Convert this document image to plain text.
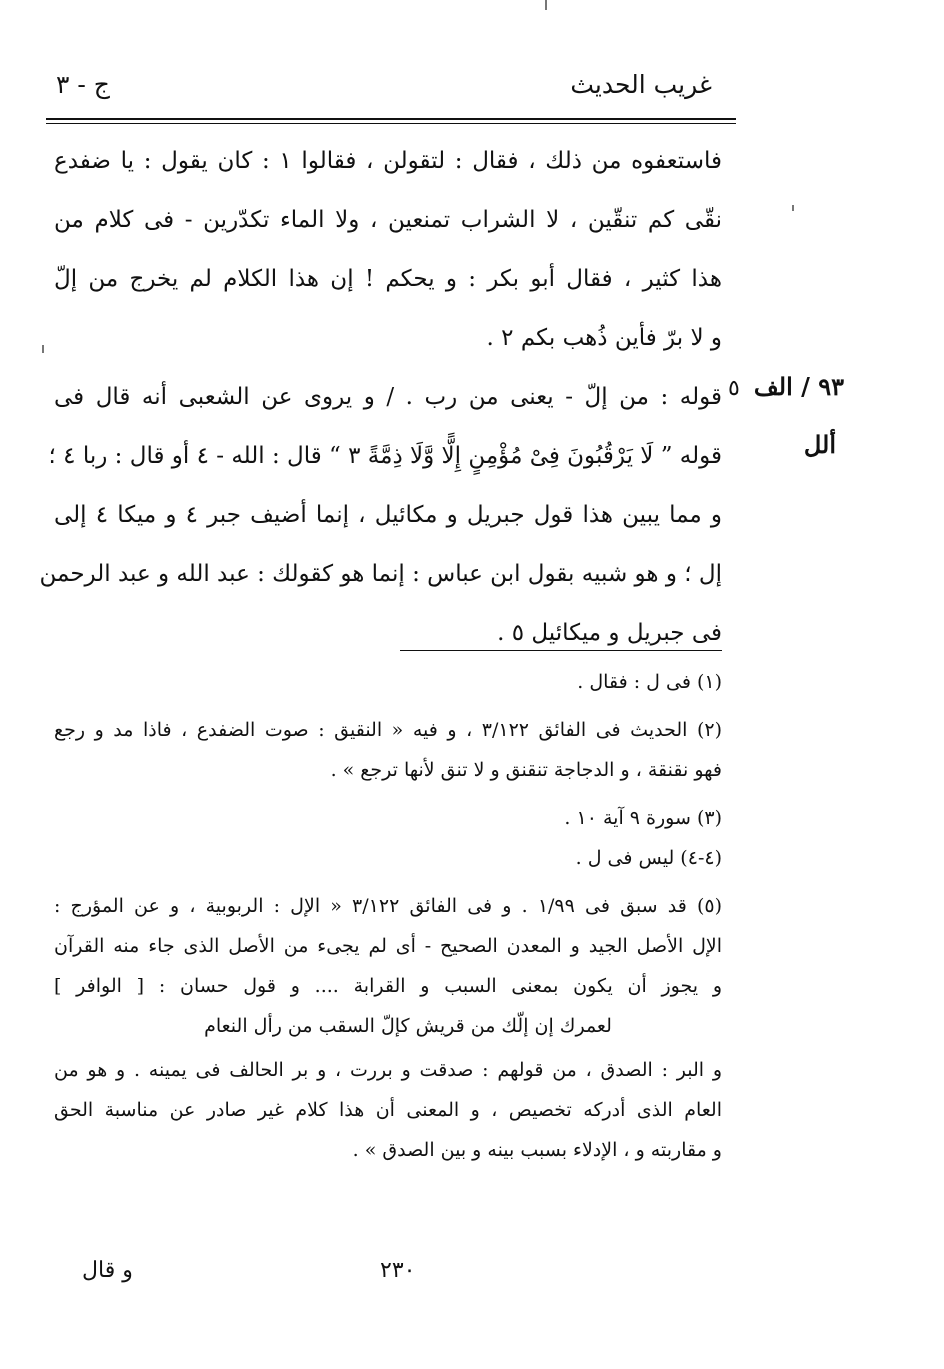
غريب الحديث
ج - ٣
فاستعفوه من ذلك ، فقال : لتقولن ، فقالوا ١ : كان يقول : يا ضفدع
نقّى كم تنقّين ، لا الشراب تمنعين ، ولا الماء تكدّرين - فى كلام من
هذا كثير ، فقال أبو بكر : و يحكم ! إن هذا الكلام لم يخرج من إلّ
و لا برّ فأين ذُهب بكم ٢ .
قوله : من إلّ - يعنى من رب . / و يروى عن الشعبى أنه قال فى
قوله ” لَا يَرْقُبُونَ فِىْ مُؤْمِنٍ إِلًّا وَّلَا ذِمَّةً ٣ “ قال : الله - ٤ أو قال : ربا ٤ ؛
و مما يبين هذا قول جبريل و مكائيل ، إنما أضيف جبر ٤ و ميكا ٤ إلى
إل ؛ و هو شبيه بقول ابن عباس : إنما هو كقولك : عبد الله و عبد الرحمن
فى جبريل و ميكائيل ٥ .
٩٣ / الف
ألل
٥
(١) فى ل : فقال .
(٢) الحديث فى الفائق ٣/١٢٢ ، و فيه « النقيق : صوت الضفدع ، فاذا مد و رجع
فهو نقنقة ، و الدجاجة تنقنق و لا تنق لأنها ترجع » .
(٣) سورة ٩ آية ١٠ .
(٤-٤) ليس فى ل .
(٥) قد سبق فى ١/٩٩ . و فى الفائق ٣/١٢٢ « الإل : الربوبية ، و عن المؤرج :
الإل الأصل الجيد و المعدن الصحيح - أى لم يجىء من الأصل الذى جاء منه القرآن
و يجوز أن يكون بمعنى السبب و القرابة .... و قول حسان : [ الوافر ]
لعمرك إن إلّك من قريش كإلّ السقب من رأل النعام
و البر : الصدق ، من قولهم : صدقت و بررت ، و بر الحالف فى يمينه . و هو من
العام الذى أدركه تخصيص ، و المعنى أن هذا كلام غير صادر عن مناسبة الحق
و مقاربته و ، الإدلاء بسبب بينه و بين الصدق » .
٢٣٠
و قال
